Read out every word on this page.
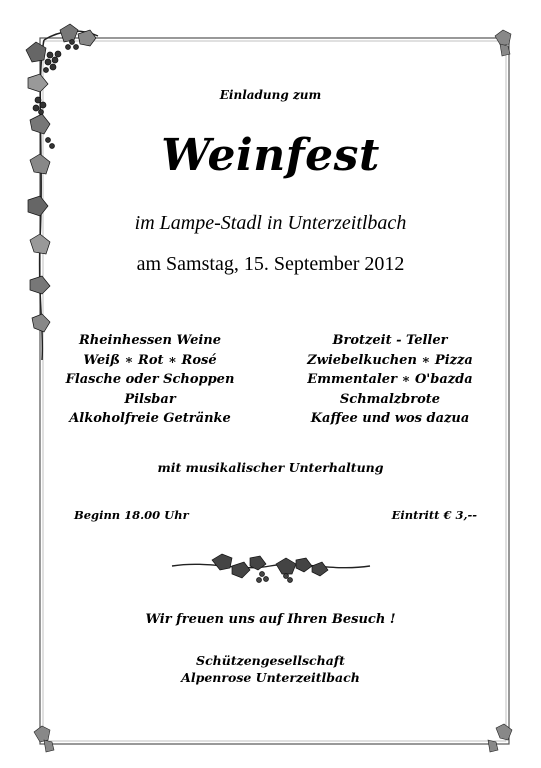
Einladung zum
Weinfest
im Lampe-Stadl in Unterzeitlbach
am Samstag, 15. September 2012
Rheinhessen Weine
Weiß ∗ Rot ∗ Rosé
Flasche oder Schoppen
Pilsbar
Alkoholfreie Getränke
Brotzeit - Teller
Zwiebelkuchen ∗ Pizza
Emmentaler ∗ O'bazda
Schmalzbrote
Kaffee und wos dazua
mit musikalischer Unterhaltung
Beginn 18.00 Uhr	Eintritt € 3,--
Wir freuen uns auf Ihren Besuch !
Schützengesellschaft
Alpenrose Unterzeitlbach
